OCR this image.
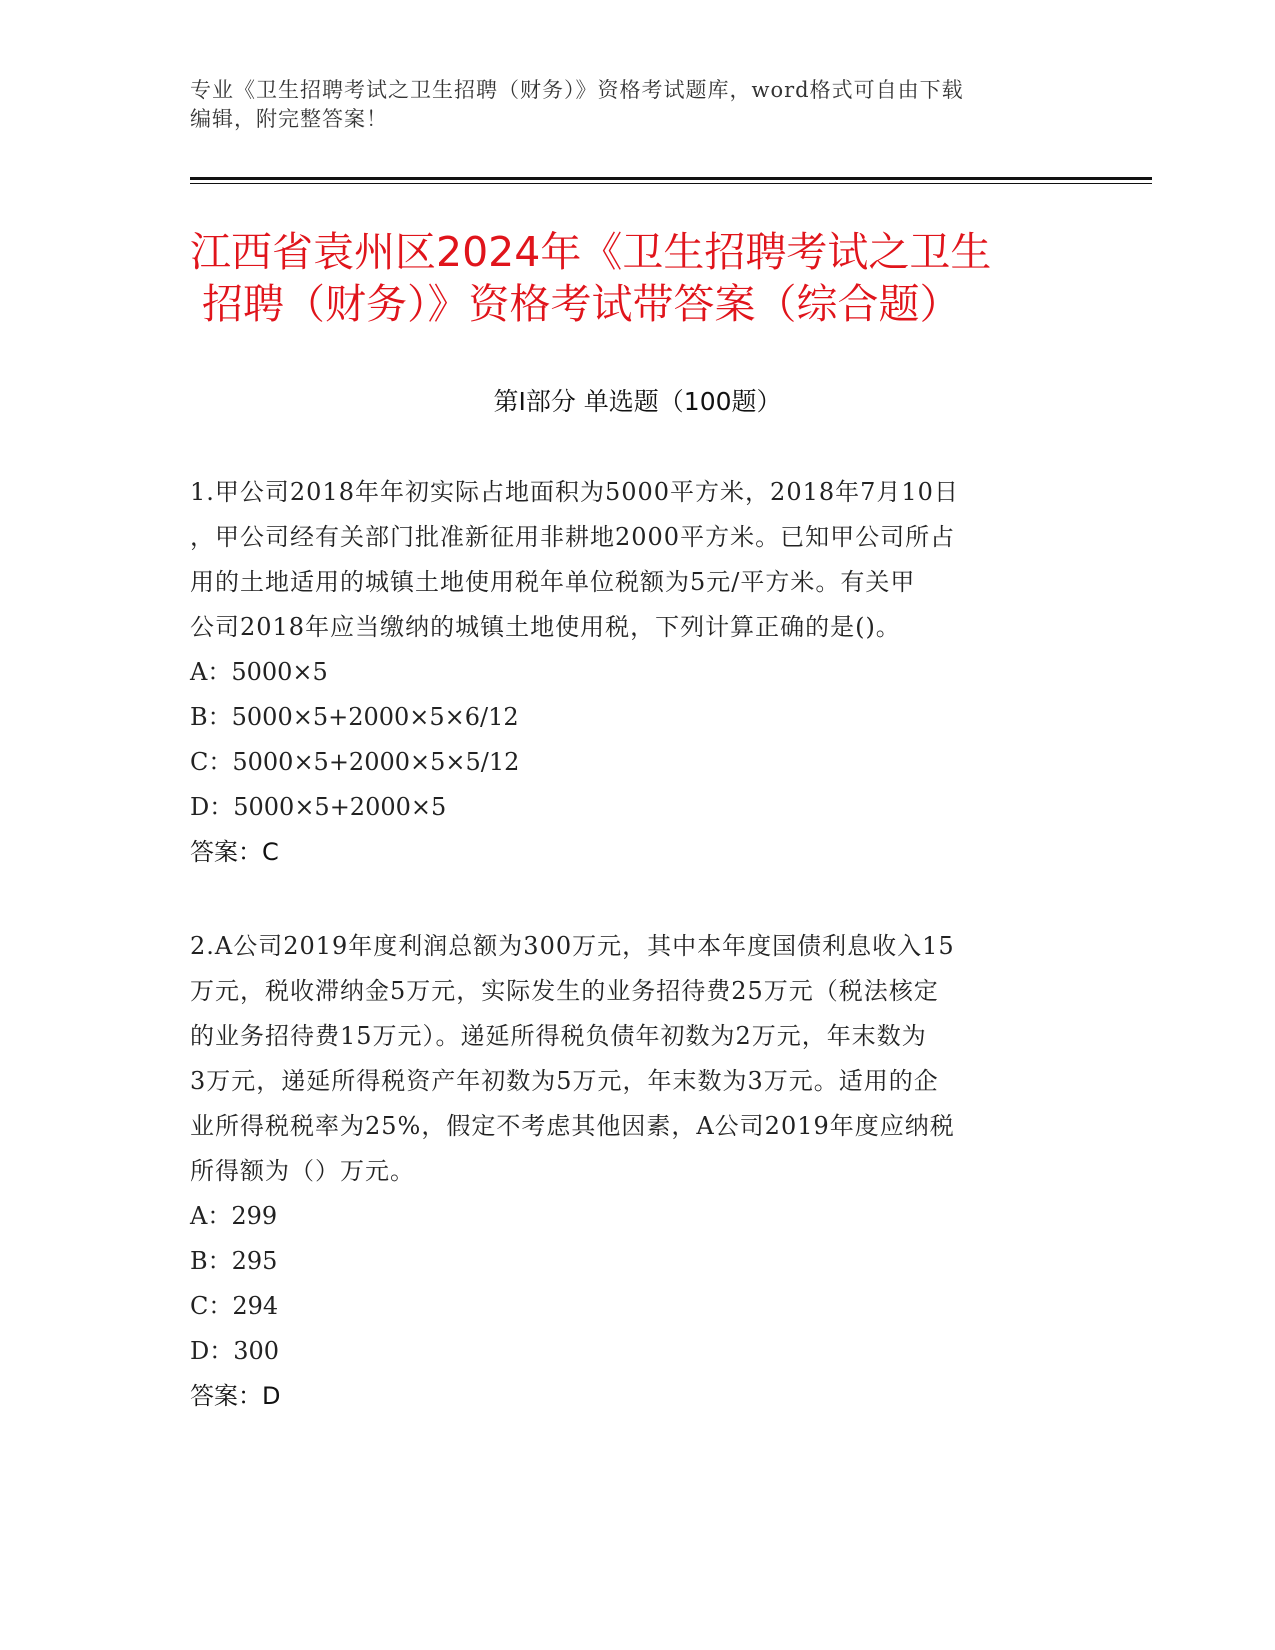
专业《卫生招聘考试之卫生招聘（财务）》资格考试题库，word格式可自由下载
编辑，附完整答案！
江西省袁州区2024年《卫生招聘考试之卫生
招聘（财务）》资格考试带答案（综合题）
第Ⅰ部分 单选题（100题）
1.甲公司2018年年初实际占地面积为5000平方米，2018年7月10日
，甲公司经有关部门批准新征用非耕地2000平方米。已知甲公司所占
用的土地适用的城镇土地使用税年单位税额为5元/平方米。有关甲
公司2018年应当缴纳的城镇土地使用税，下列计算正确的是()。
A：5000×5
B：5000×5+2000×5×6/12
C：5000×5+2000×5×5/12
D：5000×5+2000×5
答案：C
2.A公司2019年度利润总额为300万元，其中本年度国债利息收入15
万元，税收滞纳金5万元，实际发生的业务招待费25万元（税法核定
的业务招待费15万元）。递延所得税负债年初数为2万元，年末数为
3万元，递延所得税资产年初数为5万元，年末数为3万元。适用的企
业所得税税率为25%，假定不考虑其他因素，A公司2019年度应纳税
所得额为（）万元。
A：299
B：295
C：294
D：300
答案：D
